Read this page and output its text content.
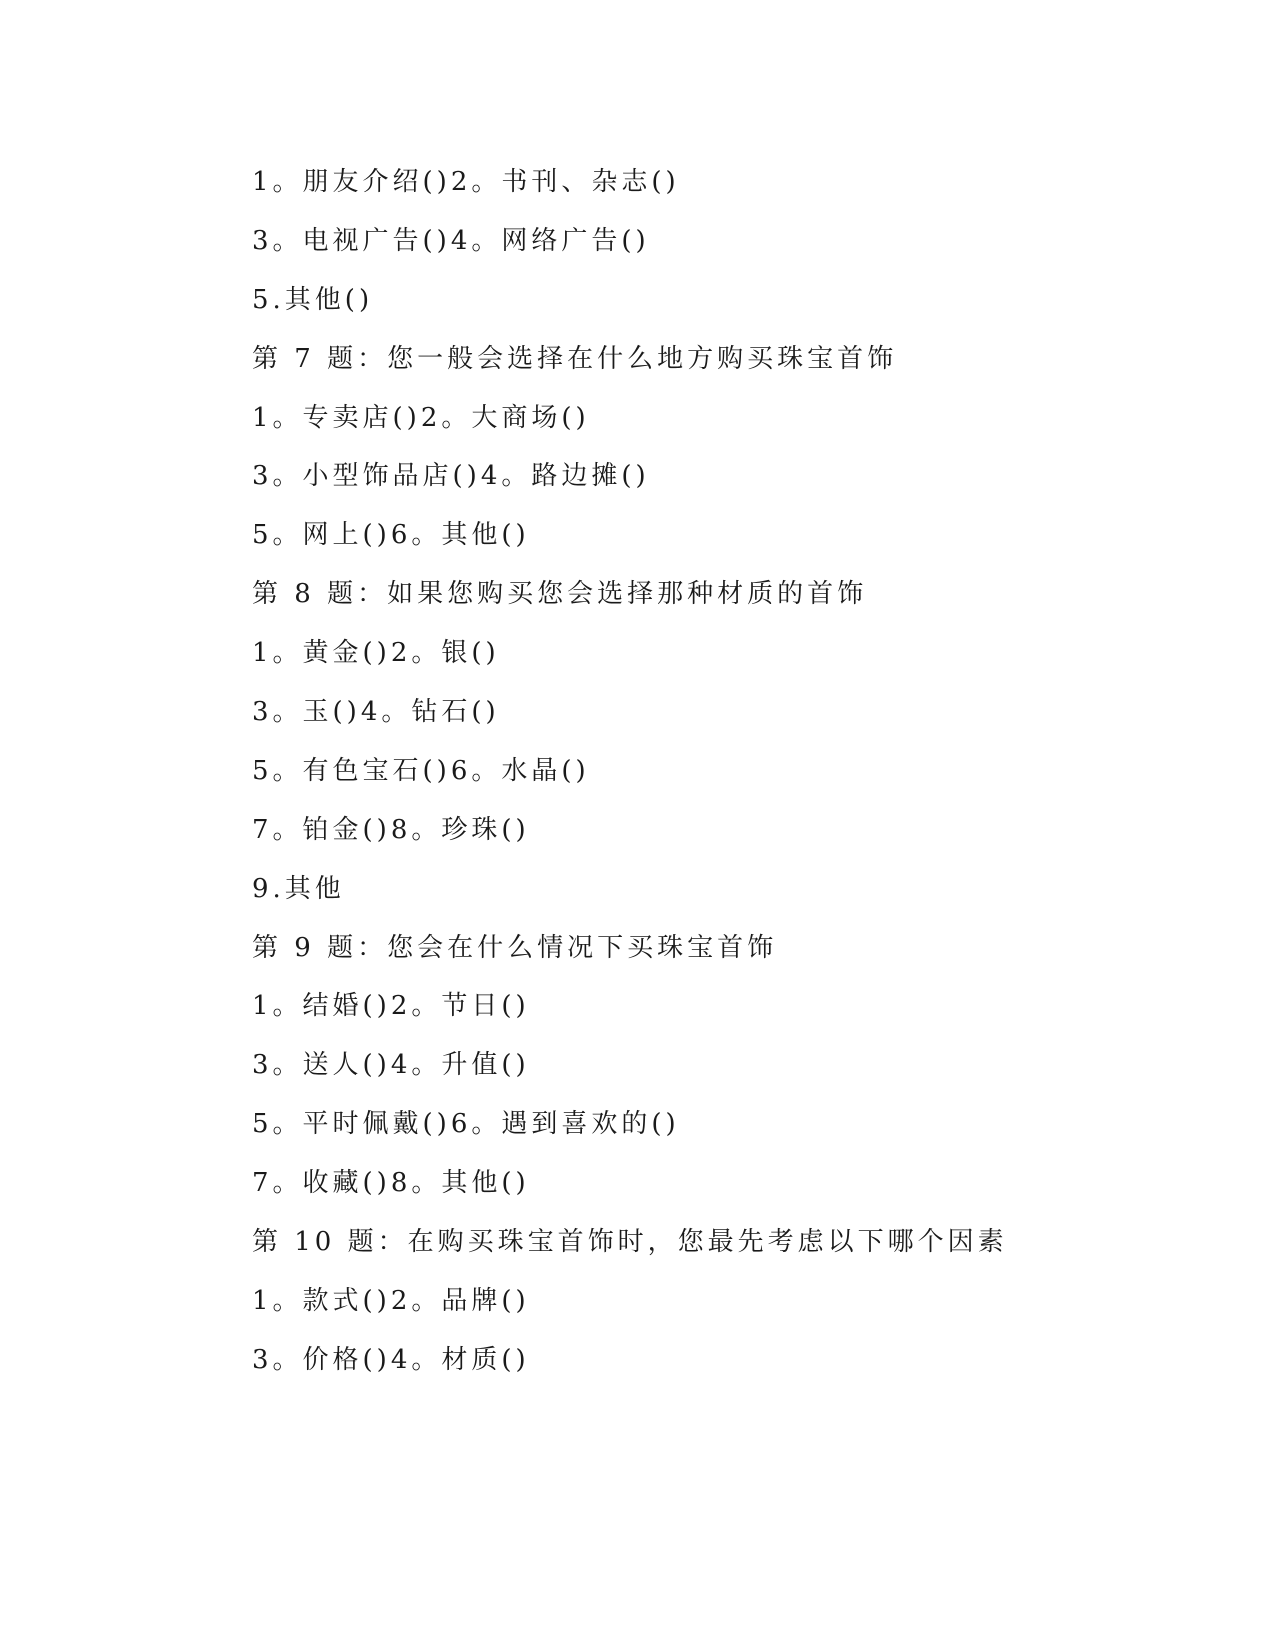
1。朋友介绍()2。书刊、杂志()
3。电视广告()4。网络广告()
5.其他()
第 7 题：您一般会选择在什么地方购买珠宝首饰
1。专卖店()2。大商场()
3。小型饰品店()4。路边摊()
5。网上()6。其他()
第 8 题：如果您购买您会选择那种材质的首饰
1。黄金()2。银()
3。玉()4。钻石()
5。有色宝石()6。水晶()
7。铂金()8。珍珠()
9.其他
第 9 题：您会在什么情况下买珠宝首饰
1。结婚()2。节日()
3。送人()4。升值()
5。平时佩戴()6。遇到喜欢的()
7。收藏()8。其他()
第 10 题：在购买珠宝首饰时，您最先考虑以下哪个因素
1。款式()2。品牌()
3。价格()4。材质()
